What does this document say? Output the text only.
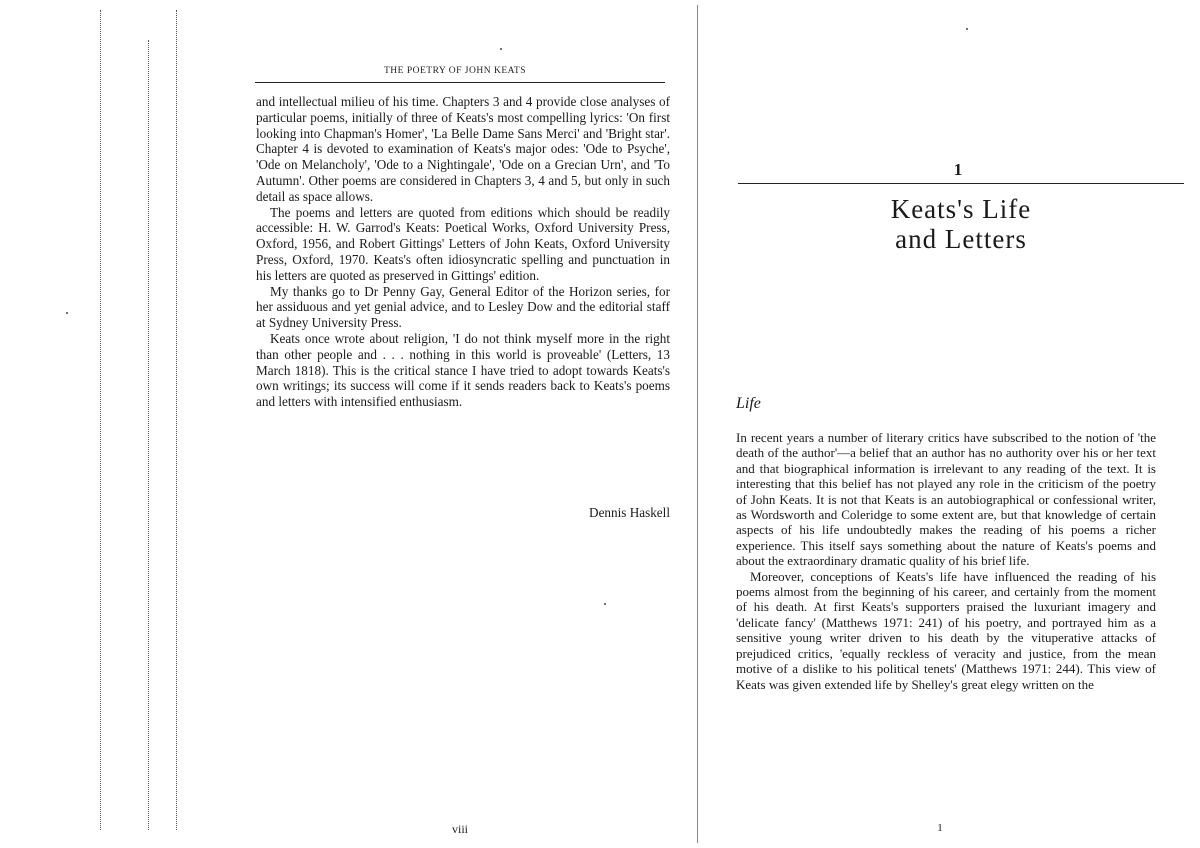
THE POETRY OF JOHN KEATS

and intellectual milieu of his time. Chapters 3 and 4 provide close analyses of particular poems, initially of three of Keats's most compelling lyrics: 'On first looking into Chapman's Homer', 'La Belle Dame Sans Merci' and 'Bright star'. Chapter 4 is devoted to examination of Keats's major odes: 'Ode to Psyche', 'Ode on Melancholy', 'Ode to a Nightingale', 'Ode on a Grecian Urn', and 'To Autumn'. Other poems are considered in Chapters 3, 4 and 5, but only in such detail as space allows.

The poems and letters are quoted from editions which should be readily accessible: H. W. Garrod's Keats: Poetical Works, Oxford University Press, Oxford, 1956, and Robert Gittings' Letters of John Keats, Oxford University Press, Oxford, 1970. Keats's often idiosyncratic spelling and punctuation in his letters are quoted as preserved in Gittings' edition.

My thanks go to Dr Penny Gay, General Editor of the Horizon series, for her assiduous and yet genial advice, and to Lesley Dow and the editorial staff at Sydney University Press.

Keats once wrote about religion, 'I do not think myself more in the right than other people and . . . nothing in this world is proveable' (Letters, 13 March 1818). This is the critical stance I have tried to adopt towards Keats's own writings; its success will come if it sends readers back to Keats's poems and letters with intensified enthusiasm.

Dennis Haskell
viii
1
Keats's Life
and Letters
Life

In recent years a number of literary critics have subscribed to the notion of 'the death of the author'—a belief that an author has no authority over his or her text and that biographical information is irrelevant to any reading of the text. It is interesting that this belief has not played any role in the criticism of the poetry of John Keats. It is not that Keats is an autobiographical or confessional writer, as Wordsworth and Coleridge to some extent are, but that knowledge of certain aspects of his life undoubtedly makes the reading of his poems a richer experience. This itself says something about the nature of Keats's poems and about the extraordinary dramatic quality of his brief life.

Moreover, conceptions of Keats's life have influenced the reading of his poems almost from the beginning of his career, and certainly from the moment of his death. At first Keats's supporters praised the luxuriant imagery and 'delicate fancy' (Matthews 1971: 241) of his poetry, and portrayed him as a sensitive young writer driven to his death by the vituperative attacks of prejudiced critics, 'equally reckless of veracity and justice, from the mean motive of a dislike to his political tenets' (Matthews 1971: 244). This view of Keats was given extended life by Shelley's great elegy written on the

1
